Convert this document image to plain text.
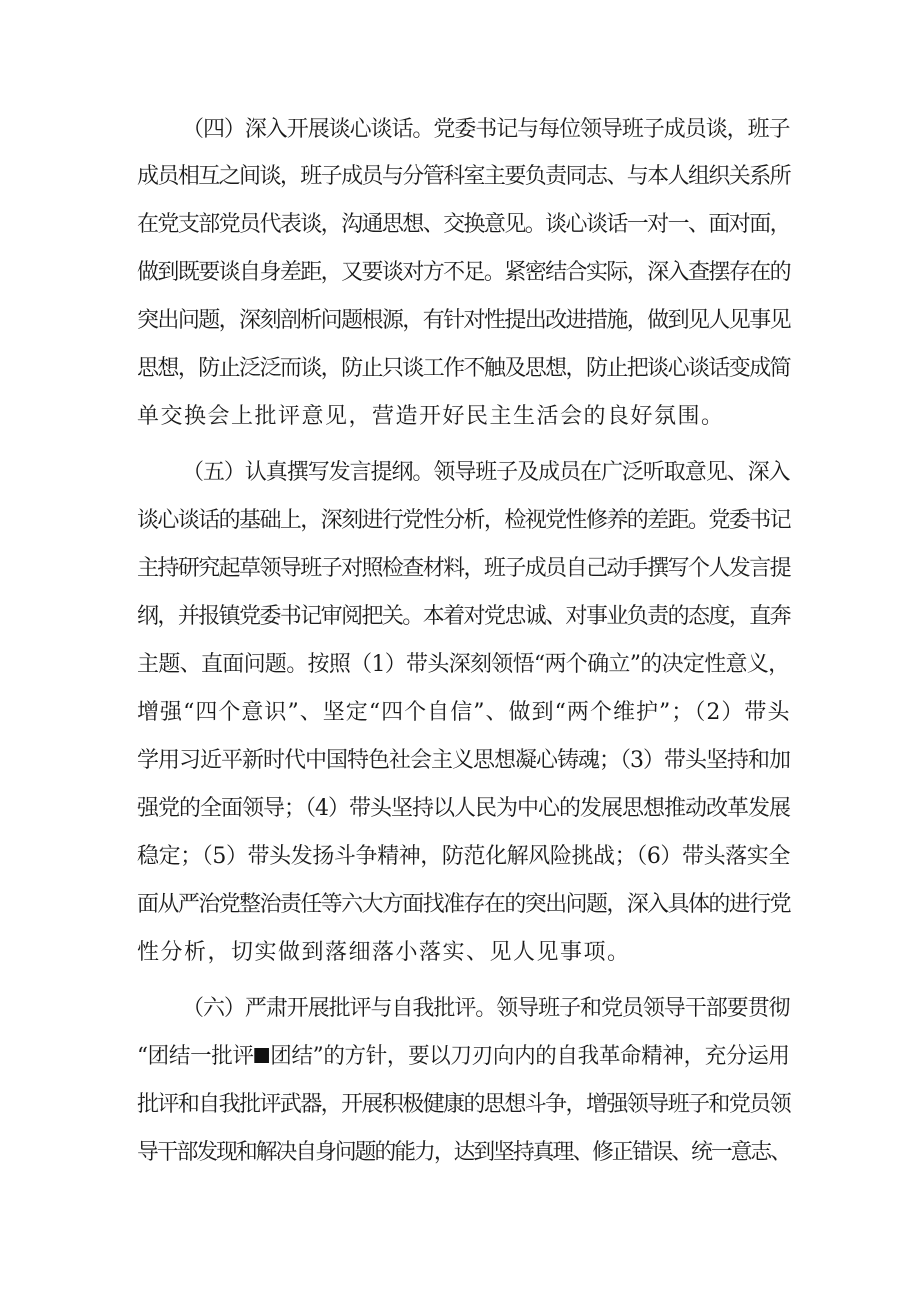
（四）深入开展谈心谈话。党委书记与每位领导班子成员谈，班子
成员相互之间谈，班子成员与分管科室主要负责同志、与本人组织关系所
在党支部党员代表谈，沟通思想、交换意见。谈心谈话一对一、面对面，
做到既要谈自身差距，又要谈对方不足。紧密结合实际，深入查摆存在的
突出问题，深刻剖析问题根源，有针对性提出改进措施，做到见人见事见
思想，防止泛泛而谈，防止只谈工作不触及思想，防止把谈心谈话变成简
单交换会上批评意见，营造开好民主生活会的良好氛围。
（五）认真撰写发言提纲。领导班子及成员在广泛听取意见、深入
谈心谈话的基础上，深刻进行党性分析，检视党性修养的差距。党委书记
主持研究起草领导班子对照检查材料，班子成员自己动手撰写个人发言提
纲，并报镇党委书记审阅把关。本着对党忠诚、对事业负责的态度，直奔
主题、直面问题。按照（1）带头深刻领悟“两个确立”的决定性意义，
增强“四个意识”、坚定“四个自信”、做到“两个维护”；（2）带头
学用习近平新时代中国特色社会主义思想凝心铸魂；（3）带头坚持和加
强党的全面领导；（4）带头坚持以人民为中心的发展思想推动改革发展
稳定；（5）带头发扬斗争精神，防范化解风险挑战；（6）带头落实全
面从严治党整治责任等六大方面找准存在的突出问题，深入具体的进行党
性分析，切实做到落细落小落实、见人见事项。
（六）严肃开展批评与自我批评。领导班子和党员领导干部要贯彻
“团结一批评 团结”的方针，要以刀刃向内的自我革命精神，充分运用
批评和自我批评武器，开展积极健康的思想斗争，增强领导班子和党员领
导干部发现和解决自身问题的能力，达到坚持真理、修正错误、统一意志、
